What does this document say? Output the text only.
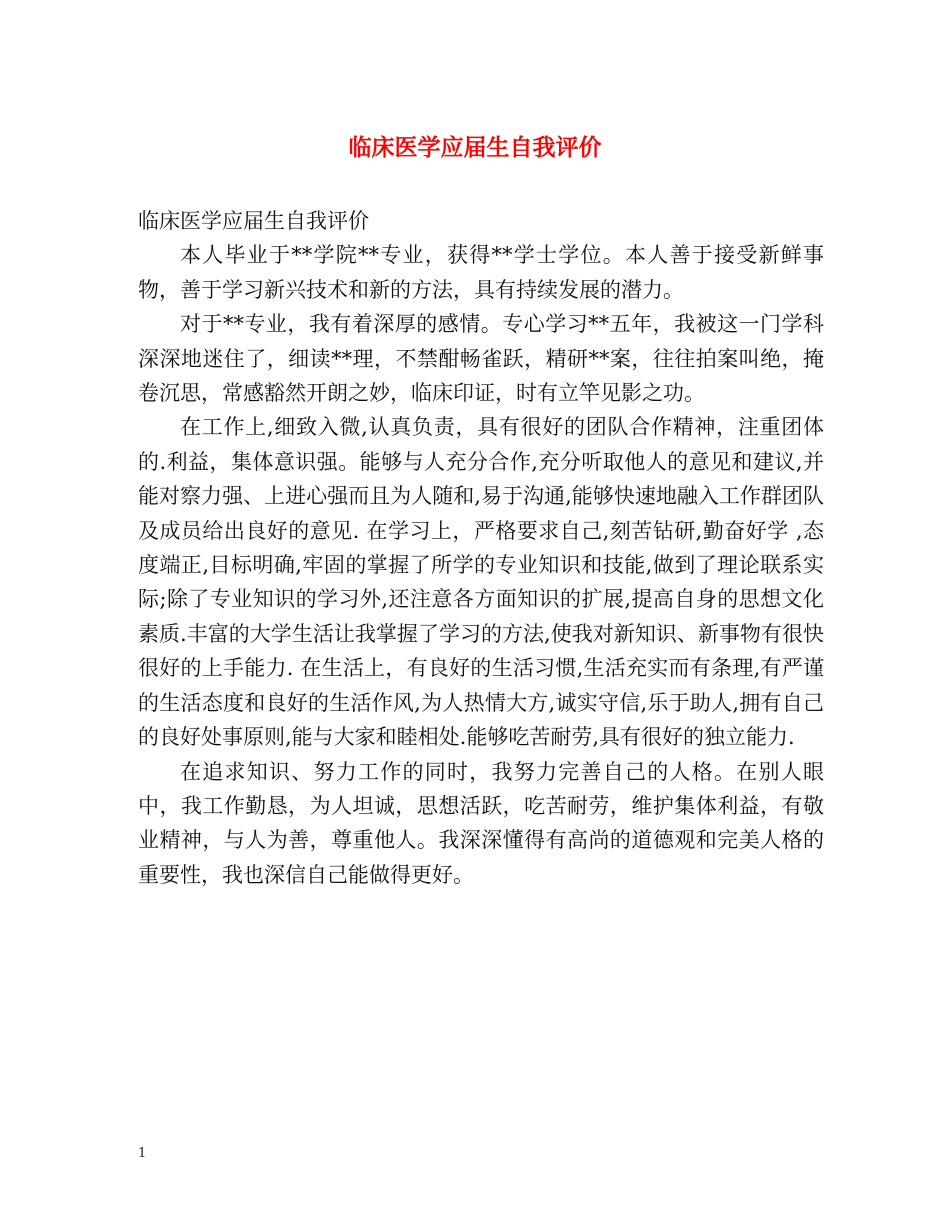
临床医学应届生自我评价

临床医学应届生自我评价

本人毕业于**学院**专业，获得**学士学位。本人善于接受新鲜事物，善于学习新兴技术和新的方法，具有持续发展的潜力。

对于**专业，我有着深厚的感情。专心学习**五年，我被这一门学科深深地迷住了，细读**理，不禁酣畅雀跃，精研**案，往往拍案叫绝，掩卷沉思，常感豁然开朗之妙，临床印证，时有立竿见影之功。

在工作上,细致入微,认真负责，具有很好的团队合作精神，注重团体的.利益，集体意识强。能够与人充分合作,充分听取他人的意见和建议,并能对察力强、上进心强而且为人随和,易于沟通,能够快速地融入工作群团队及成员给出良好的意见. 在学习上，严格要求自己,刻苦钻研,勤奋好学 ,态度端正,目标明确,牢固的掌握了所学的专业知识和技能,做到了理论联系实际;除了专业知识的学习外,还注意各方面知识的扩展,提高自身的思想文化素质.丰富的大学生活让我掌握了学习的方法,使我对新知识、新事物有很快很好的上手能力. 在生活上，有良好的生活习惯,生活充实而有条理,有严谨的生活态度和良好的生活作风,为人热情大方,诚实守信,乐于助人,拥有自己的良好处事原则,能与大家和睦相处.能够吃苦耐劳,具有很好的独立能力.

在追求知识、努力工作的同时，我努力完善自己的人格。在别人眼中，我工作勤恳，为人坦诚，思想活跃，吃苦耐劳，维护集体利益，有敬业精神，与人为善，尊重他人。我深深懂得有高尚的道德观和完美人格的重要性，我也深信自己能做得更好。

1
